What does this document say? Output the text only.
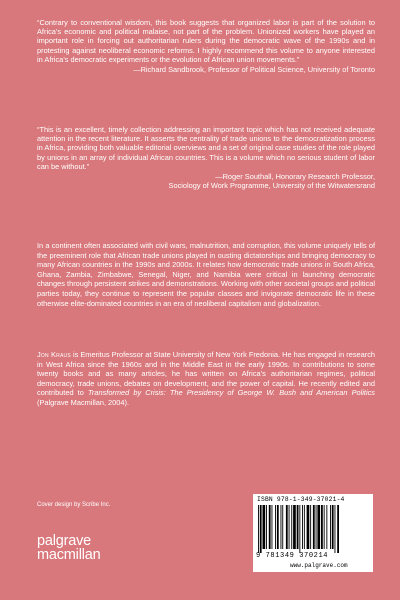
“Contrary to conventional wisdom, this book suggests that organized labor is part of the solution to Africa’s economic and political malaise, not part of the problem. Unionized workers have played an important role in forcing out authoritarian rulers during the democratic wave of the 1990s and in protesting against neoliberal economic reforms. I highly recommend this volume to anyone interested in Africa’s democratic experiments or the evolution of African union movements.”

—Richard Sandbrook, Professor of Political Science, University of Toronto

“This is an excellent, timely collection addressing an important topic which has not received adequate attention in the recent literature. It asserts the centrality of trade unions to the democratization process in Africa, providing both valuable editorial overviews and a set of original case studies of the role played by unions in an array of individual African countries. This is a volume which no serious student of labor can be without.”

—Roger Southall, Honorary Research Professor,
Sociology of Work Programme, University of the Witwatersrand

In a continent often associated with civil wars, malnutrition, and corruption, this volume uniquely tells of the preeminent role that African trade unions played in ousting dictatorships and bringing democracy to many African countries in the 1990s and 2000s. It relates how democratic trade unions in South Africa, Ghana, Zambia, Zimbabwe, Senegal, Niger, and Namibia were critical in launching democratic changes through persistent strikes and demonstrations. Working with other societal groups and political parties today, they continue to represent the popular classes and invigorate democratic life in these otherwise elite-dominated countries in an era of neoliberal capitalism and globalization.

Jon Kraus is Emeritus Professor at State University of New York Fredonia. He has engaged in research in West Africa since the 1960s and in the Middle East in the early 1990s. In contributions to some twenty books and as many articles, he has written on Africa’s authoritarian regimes, political democracy, trade unions, debates on development, and the power of capital. He recently edited and contributed to Transformed by Crisis: The Presidency of George W. Bush and American Politics (Palgrave Macmillan, 2004).

Cover design by Scribe Inc.
palgrave
macmillan
ISBN 978-1-349-37021-4
9 781349 370214
www.palgrave.com
